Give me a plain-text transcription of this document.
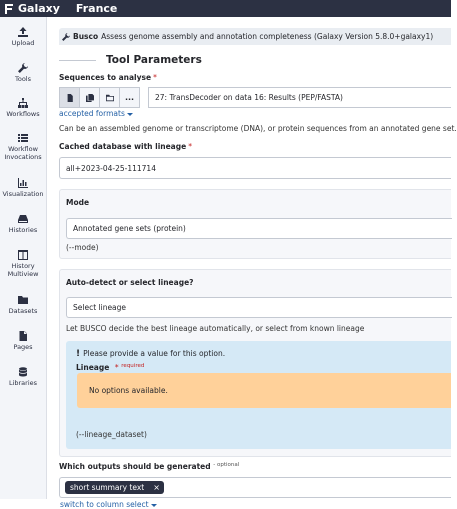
Galaxy France
Upload
Tools
Workflows
Workflow Invocations
Visualization
Histories
History Multiview
Datasets
Pages
Libraries
Busco Assess genome assembly and annotation completeness (Galaxy Version 5.8.0+galaxy1)
Tool Parameters
Sequences to analyse *
...	27: TransDecoder on data 16: Results (PEP/FASTA)
accepted formats
Can be an assembled genome or transcriptome (DNA), or protein sequences from an annotated gene set.
Cached database with lineage *
all+2023-04-25-111714
Mode
Annotated gene sets (protein)
(--mode)
Auto-detect or select lineage?
Select lineage
Let BUSCO decide the best lineage automatically, or select from known lineage
! Please provide a value for this option.
Lineage * $^{required}$
(--lineage_dataset)
No options available.
Which outputs should be generated $^{- optional}$
short summary text ×
switch to column select
